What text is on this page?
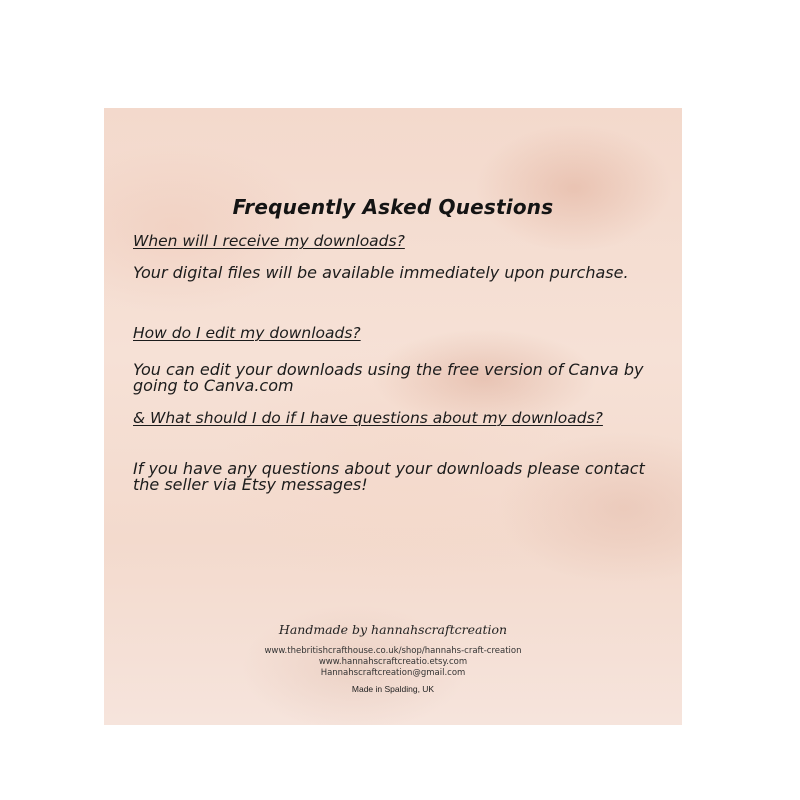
Frequently Asked Questions

When will I receive my downloads?

Your digital files will be available immediately upon purchase.

How do I edit my downloads?

You can edit your downloads using the free version of Canva by going to Canva.com

& What should I do if I have questions about my downloads?

If you have any questions about your downloads please contact the seller via Etsy messages!

Handmade by hannahscraftcreation
www.thebritishcrafthouse.co.uk/shop/hannahs-craft-creation
www.hannahscraftcreatio.etsy.com
Hannahscraftcreation@gmail.com
Made in Spalding, UK
